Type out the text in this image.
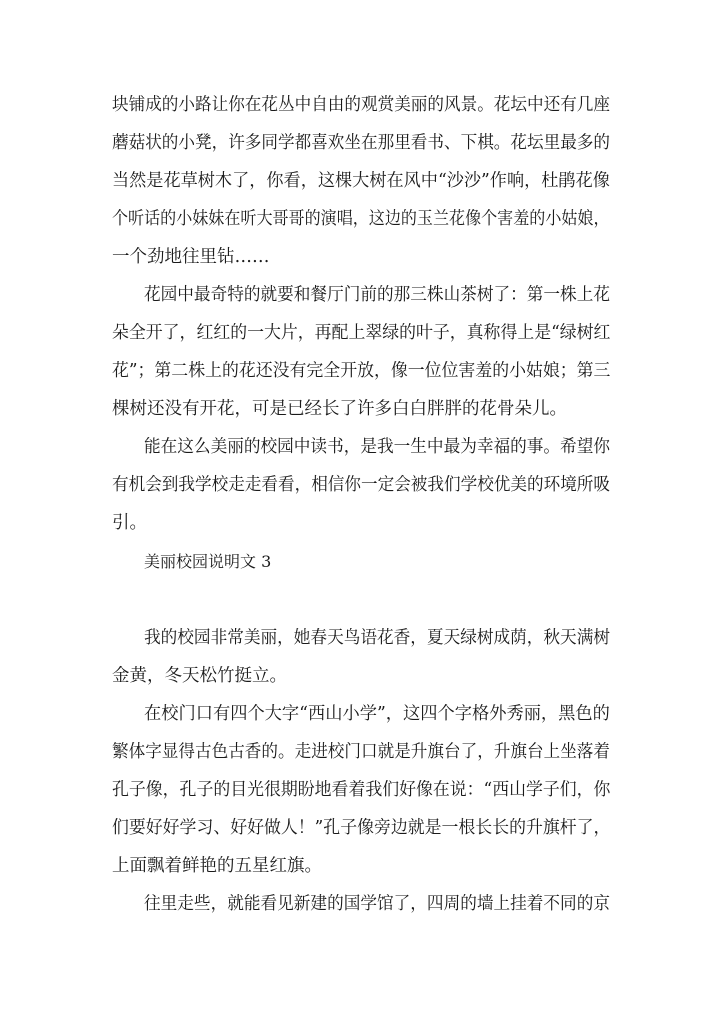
块铺成的小路让你在花丛中自由的观赏美丽的风景。花坛中还有几座
蘑菇状的小凳，许多同学都喜欢坐在那里看书、下棋。花坛里最多的
当然是花草树木了，你看，这棵大树在风中“沙沙”作响，杜鹃花像
个听话的小妹妹在听大哥哥的演唱，这边的玉兰花像个害羞的小姑娘，
一个劲地往里钻……
花园中最奇特的就要和餐厅门前的那三株山茶树了：第一株上花
朵全开了，红红的一大片，再配上翠绿的叶子，真称得上是“绿树红
花”；第二株上的花还没有完全开放，像一位位害羞的小姑娘；第三
棵树还没有开花，可是已经长了许多白白胖胖的花骨朵儿。
能在这么美丽的校园中读书，是我一生中最为幸福的事。希望你
有机会到我学校走走看看，相信你一定会被我们学校优美的环境所吸
引。
美丽校园说明文 3
我的校园非常美丽，她春天鸟语花香，夏天绿树成荫，秋天满树
金黄，冬天松竹挺立。
在校门口有四个大字“西山小学”，这四个字格外秀丽，黑色的
繁体字显得古色古香的。走进校门口就是升旗台了，升旗台上坐落着
孔子像，孔子的目光很期盼地看着我们好像在说：“西山学子们，你
们要好好学习、好好做人！”孔子像旁边就是一根长长的升旗杆了，
上面飘着鲜艳的五星红旗。
往里走些，就能看见新建的国学馆了，四周的墙上挂着不同的京
